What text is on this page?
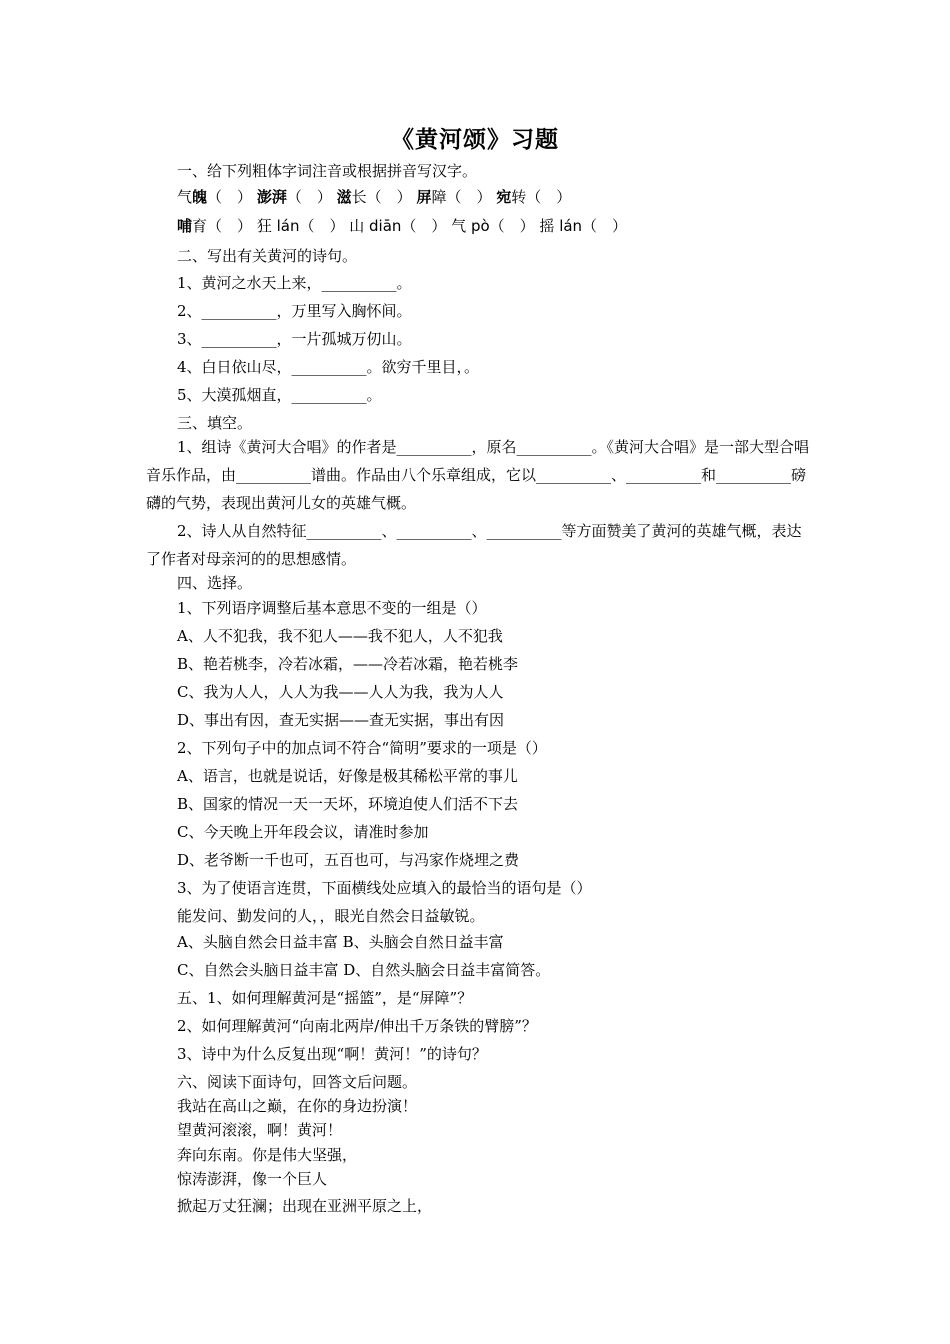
《黄河颂》习题
一、给下列粗体字词注音或根据拼音写汉字。
气魄（　） 澎湃（　） 滋长（　） 屏障（　） 宛转（　）
哺育（　） 狂 lán（　） 山 diān（　） 气 pò（　） 摇 lán（　）
二、写出有关黄河的诗句。
1、黄河之水天上来，__________。
2、__________，万里写入胸怀间。
3、__________，一片孤城万仞山。
4、白日依山尽，__________。欲穷千里目，。
5、大漠孤烟直，__________。
三、填空。
1、组诗《黄河大合唱》的作者是__________，原名__________。《黄河大合唱》是一部大型合唱音乐作品，由__________谱曲。作品由八个乐章组成，它以__________、__________和__________磅礴的气势，表现出黄河儿女的英雄气概。
2、诗人从自然特征__________、__________、__________等方面赞美了黄河的英雄气概，表达了作者对母亲河的的思想感情。
四、选择。
1、下列语序调整后基本意思不变的一组是（）
A、人不犯我，我不犯人——我不犯人，人不犯我
B、艳若桃李，冷若冰霜，——冷若冰霜，艳若桃李
C、我为人人，人人为我——人人为我，我为人人
D、事出有因，查无实据——查无实据，事出有因
2、下列句子中的加点词不符合“简明”要求的一项是（）
A、语言，也就是说话，好像是极其稀松平常的事儿
B、国家的情况一天一天坏，环境迫使人们活不下去
C、今天晚上开年段会议，请准时参加
D、老爷断一千也可，五百也可，与冯家作烧埋之费
3、为了使语言连贯，下面横线处应填入的最恰当的语句是（）
能发问、勤发问的人，，眼光自然会日益敏锐。
A、头脑自然会日益丰富 B、头脑会自然日益丰富
C、自然会头脑日益丰富 D、自然头脑会日益丰富简答。
五、1、如何理解黄河是“摇篮”，是“屏障”？
2、如何理解黄河“向南北两岸/伸出千万条铁的臂膀”？
3、诗中为什么反复出现“啊！黄河！”的诗句？
六、阅读下面诗句，回答文后问题。
我站在高山之巅，在你的身边扮演！
望黄河滚滚，啊！黄河！
奔向东南。你是伟大坚强，
惊涛澎湃，像一个巨人
掀起万丈狂澜；出现在亚洲平原之上，
